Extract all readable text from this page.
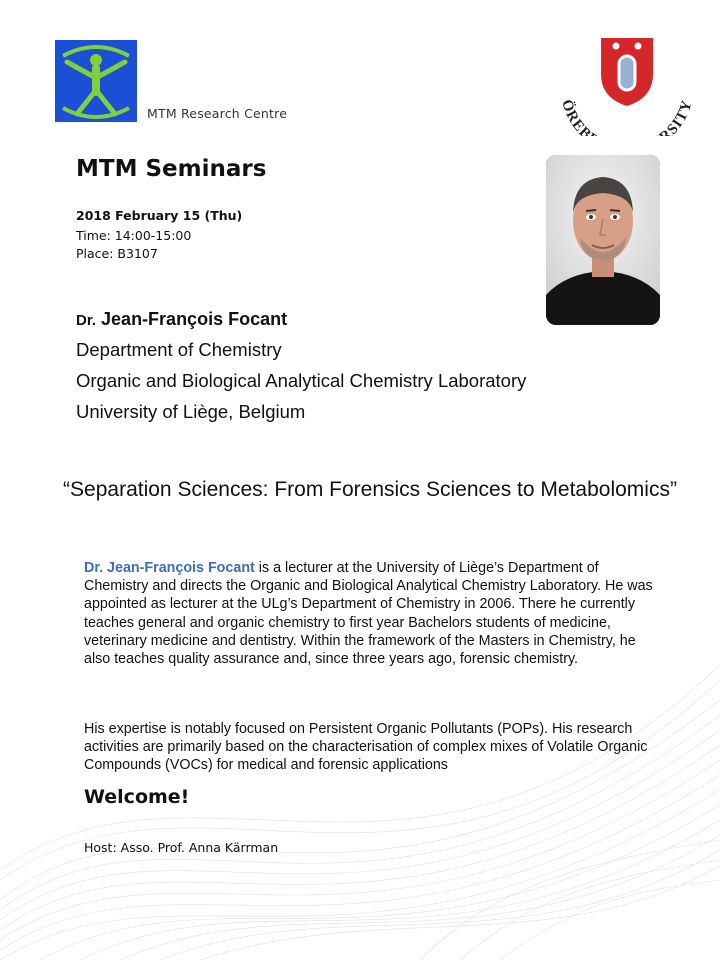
MTM Research Centre	ÖREB SITY
MTM Seminars
2018 February 15 (Thu)
Time: 14:00-15:00
Place: B3107
Dr. Jean-François Focant
Department of Chemistry
Organic and Biological Analytical Chemistry Laboratory
University of Liège, Belgium
“Separation Sciences: From Forensics Sciences to Metabolomics”
Dr. Jean-François Focant is a lecturer at the University of Liège’s Department of Chemistry and directs the Organic and Biological Analytical Chemistry Laboratory. He was appointed as lecturer at the ULg’s Department of Chemistry in 2006. There he currently teaches general and organic chemistry to first year Bachelors students of medicine, veterinary medicine and dentistry. Within the framework of the Masters in Chemistry, he also teaches quality assurance and, since three years ago, forensic chemistry.
His expertise is notably focused on Persistent Organic Pollutants (POPs). His research activities are primarily based on the characterisation of complex mixes of Volatile Organic Compounds (VOCs) for medical and forensic applications
Welcome!
Host: Asso. Prof. Anna Kärrman
